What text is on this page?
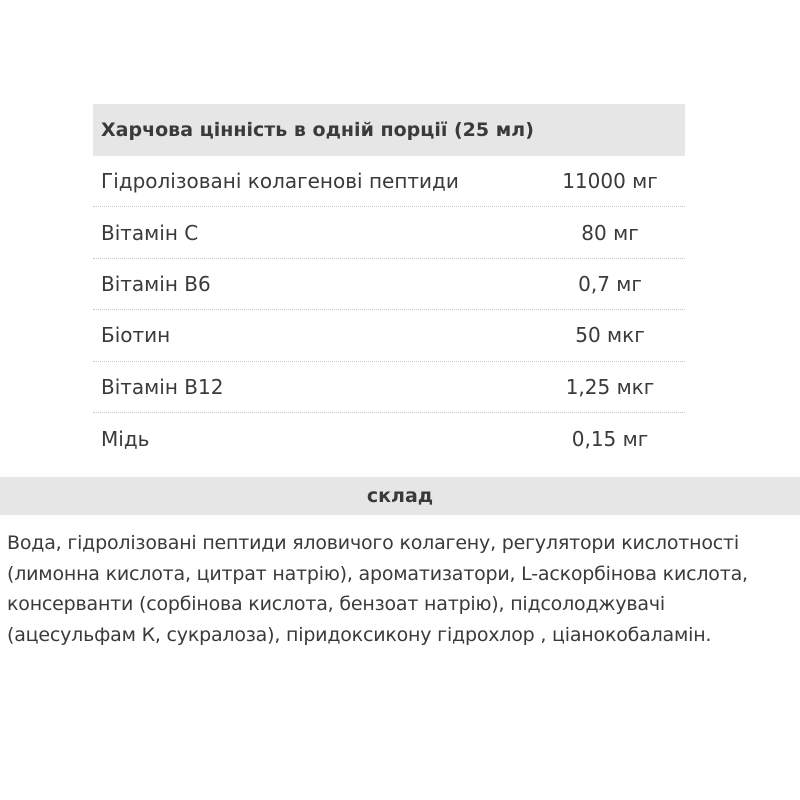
Харчова цінність в одній порції (25 мл)
Гідролізовані колагенові пептиди	11000 мг
Вітамін С	80 мг
Вітамін В6	0,7 мг
Біотин	50 мкг
Вітамін В12	1,25 мкг
Мідь	0,15 мг
склад

Вода, гідролізовані пептиди яловичого колагену, регулятори кислотності (лимонна кислота, цитрат натрію), ароматизатори, L-аскорбінова кислота, консерванти (сорбінова кислота, бензоат натрію), підсолоджувачі (ацесульфам К, сукралоза), піридоксикону гідрохлор , ціанокобаламін.
